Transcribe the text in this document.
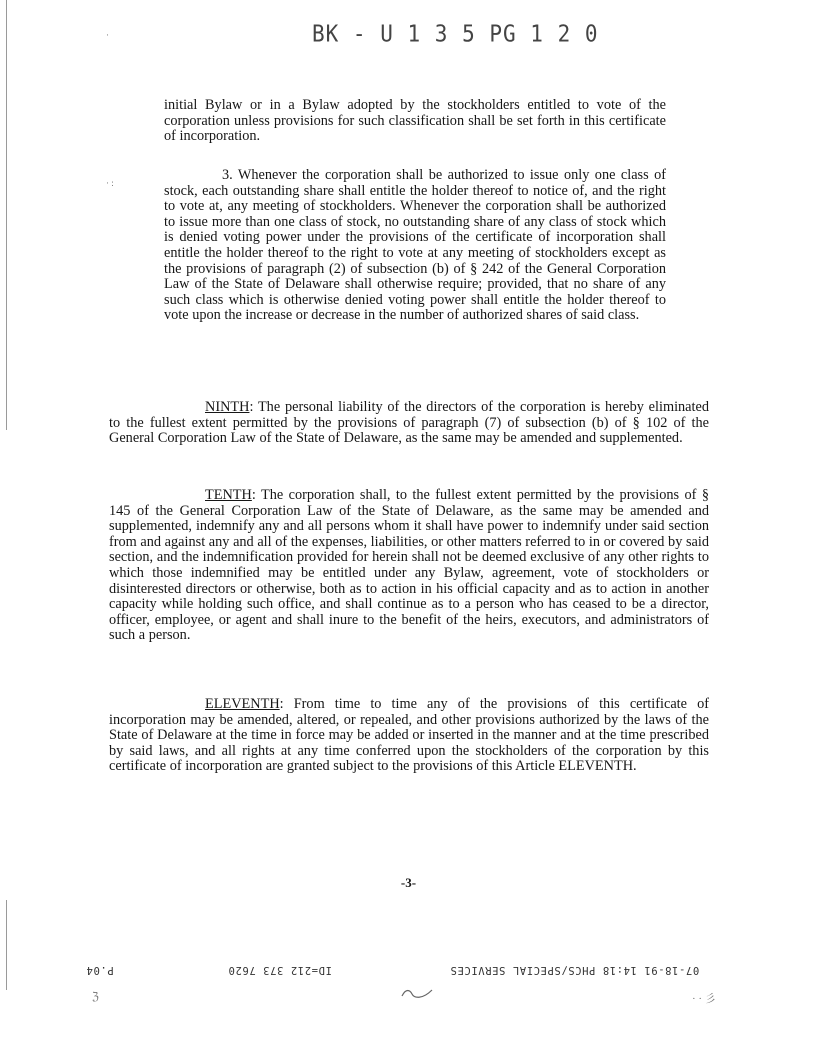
·
· :
BK - U 1 3 5 PG 1 2 0

initial Bylaw or in a Bylaw adopted by the stockholders entitled to vote of the corporation unless provisions for such classification shall be set forth in this certificate of incorporation.

3. Whenever the corporation shall be authorized to issue only one class of stock, each outstanding share shall entitle the holder thereof to notice of, and the right to vote at, any meeting of stockholders. Whenever the corporation shall be authorized to issue more than one class of stock, no outstanding share of any class of stock which is denied voting power under the provisions of the certificate of incorporation shall entitle the holder thereof to the right to vote at any meeting of stockholders except as the provisions of paragraph (2) of subsection (b) of § 242 of the General Corporation Law of the State of Delaware shall otherwise require; provided, that no share of any such class which is otherwise denied voting power shall entitle the holder thereof to vote upon the increase or decrease in the number of authorized shares of said class.

NINTH: The personal liability of the directors of the corporation is hereby eliminated to the fullest extent permitted by the provisions of paragraph (7) of subsection (b) of § 102 of the General Corporation Law of the State of Delaware, as the same may be amended and supplemented.

TENTH: The corporation shall, to the fullest extent permitted by the provisions of § 145 of the General Corporation Law of the State of Delaware, as the same may be amended and supplemented, indemnify any and all persons whom it shall have power to indemnify under said section from and against any and all of the expenses, liabilities, or other matters referred to in or covered by said section, and the indemnification provided for herein shall not be deemed exclusive of any other rights to which those indemnified may be entitled under any Bylaw, agreement, vote of stockholders or disinterested directors or otherwise, both as to action in his official capacity and as to action in another capacity while holding such office, and shall continue as to a person who has ceased to be a director, officer, employee, or agent and shall inure to the benefit of the heirs, executors, and administrators of such a person.

ELEVENTH: From time to time any of the provisions of this certificate of incorporation may be amended, altered, or repealed, and other provisions authorized by the laws of the State of Delaware at the time in force may be added or inserted in the manner and at the time prescribed by said laws, and all rights at any time conferred upon the stockholders of the corporation by this certificate of incorporation are granted subject to the provisions of this Article ELEVENTH.

-3-
07-18-91 14:18 PHCS/SPECIAL SERVICES
ID=212 373 7620
P.04
ℨ	· · 彡
